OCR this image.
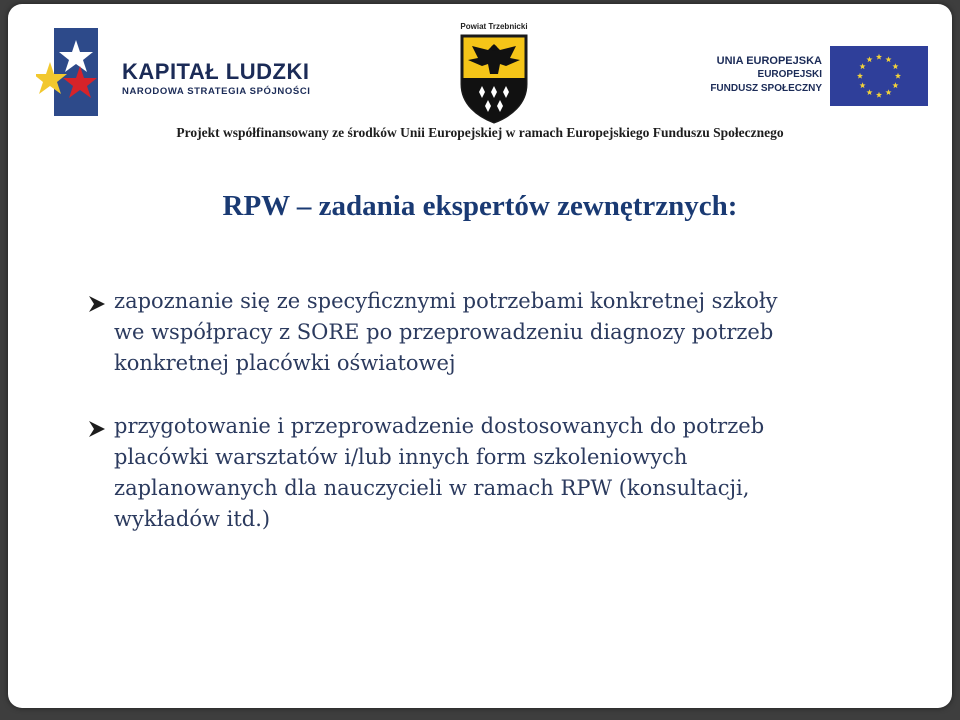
KAPITAŁ LUDZKI
NARODOWA STRATEGIA SPÓJNOŚCI
Powiat Trzebnicki
UNIA EUROPEJSKA
EUROPEJSKI
FUNDUSZ SPOŁECZNY
Projekt współfinansowany ze środków Unii Europejskiej w ramach Europejskiego Funduszu Społecznego
RPW – zadania ekspertów zewnętrznych:
zapoznanie się ze specyficznymi potrzebami konkretnej szkoły
we współpracy z SORE po przeprowadzeniu diagnozy potrzeb
konkretnej placówki oświatowej
przygotowanie i przeprowadzenie dostosowanych do potrzeb
placówki warsztatów i/lub innych form szkoleniowych
zaplanowanych dla nauczycieli w ramach RPW (konsultacji,
wykładów itd.)
